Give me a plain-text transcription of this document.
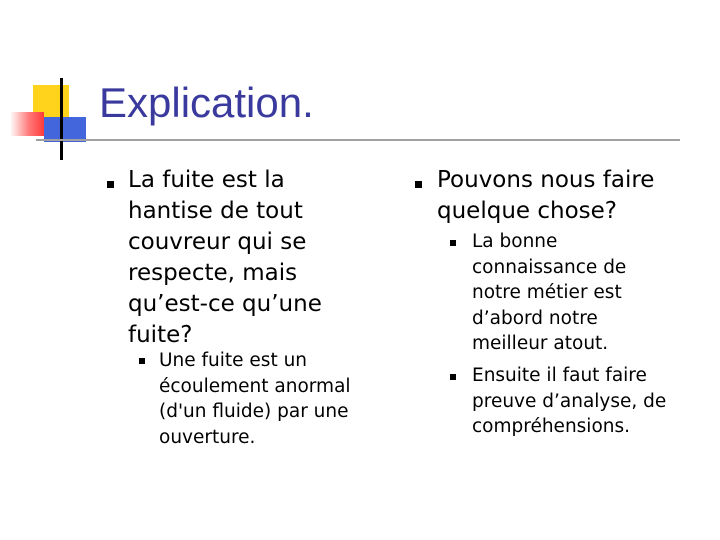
Explication.

La fuite est la hantise de tout couvreur qui se respecte, mais qu’est-ce qu’une fuite?

Une fuite est un écoulement anormal (d'un fluide) par une ouverture.

Pouvons nous faire quelque chose?

La bonne connaissance de notre métier est d’abord notre meilleur atout.

Ensuite il faut faire preuve d’analyse, de compréhensions.
